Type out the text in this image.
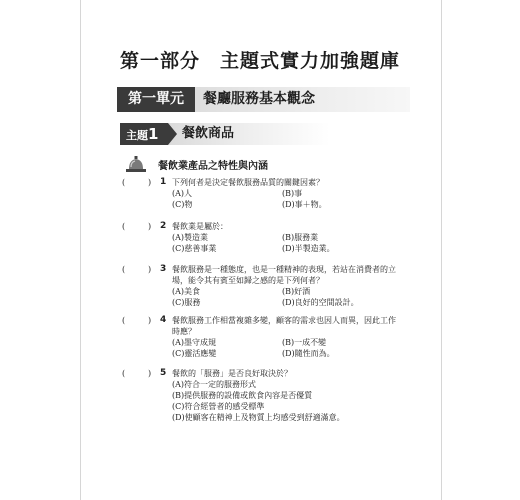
第一部分　主題式實力加強題庫
第一單元	餐廳服務基本觀念
主題1	餐飲商品
餐飲業產品之特性與內涵
(	) 1 下列何者是決定餐飲服務品質的關鍵因素？
(A)人	(B)事
(C)物	(D)事＋物。
(	) 2 餐飲業是屬於：
(A)製造業	(B)服務業
(C)慈善事業	(D)半製造業。
(	) 3 餐飲服務是一種態度，也是一種精神的表現，若站在消費者的立
場，能令其有賓至如歸之感的是下列何者？
(A)美食	(B)好酒
(C)服務	(D)良好的空間設計。
(	) 4 餐飲服務工作相當複雜多變，顧客的需求也因人而異，因此工作
時應？
(A)墨守成規	(B)一成不變
(C)靈活應變	(D)隨性而為。
(	) 5 餐飲的「服務」是否良好取決於？
(A)符合一定的服務形式
(B)提供服務的設備或飲食內容是否優質
(C)符合經營者的感受標準
(D)使顧客在精神上及物質上均感受到舒適滿意。
